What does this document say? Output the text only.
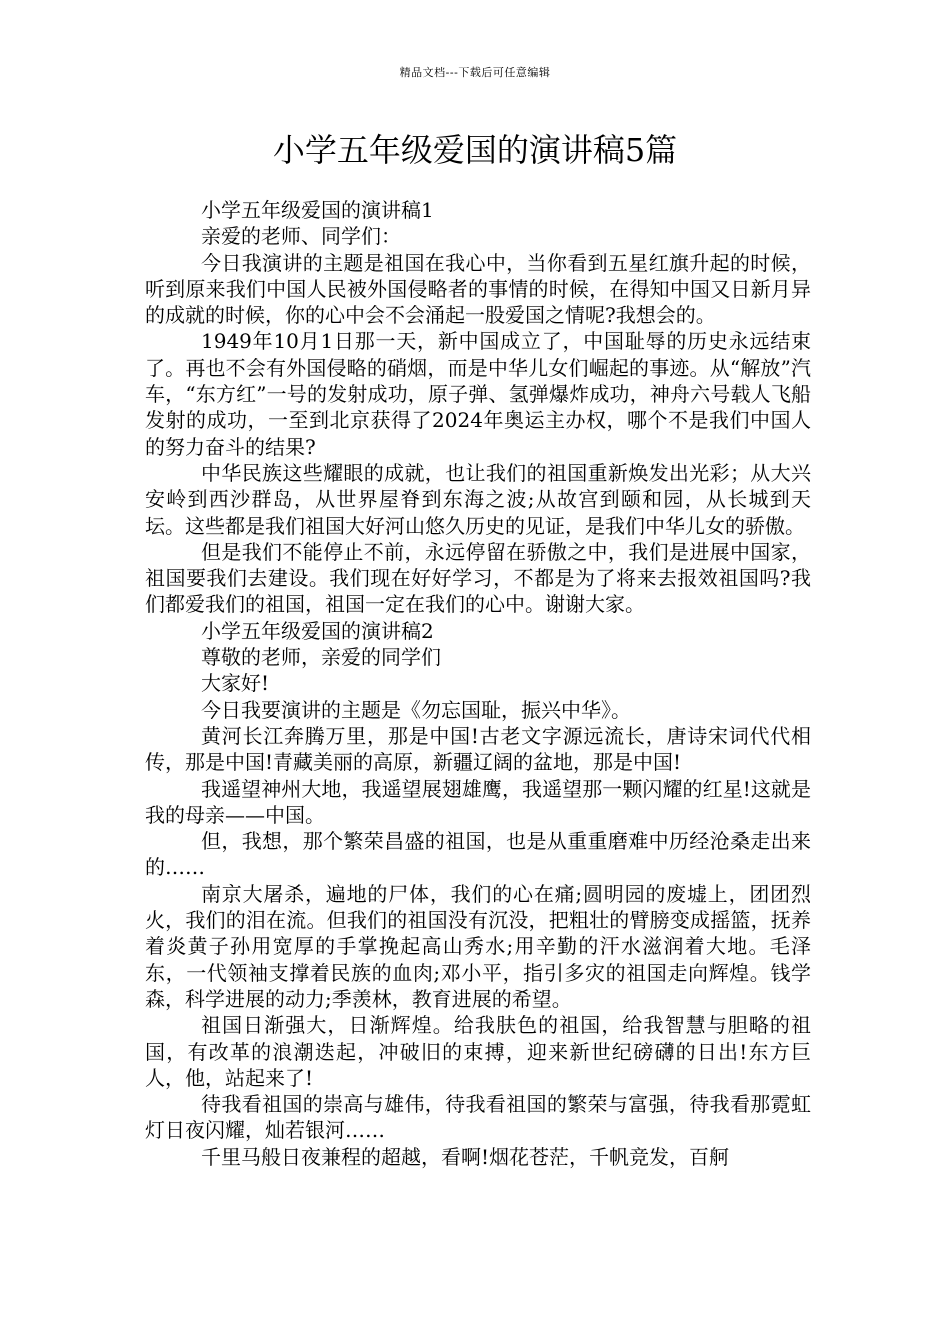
精品文档---下载后可任意编辑
小学五年级爱国的演讲稿5篇

小学五年级爱国的演讲稿1

亲爱的老师、同学们：

今日我演讲的主题是祖国在我心中，当你看到五星红旗升起的时候，听到原来我们中国人民被外国侵略者的事情的时候，在得知中国又日新月异的成就的时候，你的心中会不会涌起一股爱国之情呢?我想会的。

1949年10月1日那一天，新中国成立了，中国耻辱的历史永远结束了。再也不会有外国侵略的硝烟，而是中华儿女们崛起的事迹。从“解放”汽车，“东方红”一号的发射成功，原子弹、氢弹爆炸成功，神舟六号载人飞船发射的成功，一至到北京获得了2024年奥运主办权，哪个不是我们中国人的努力奋斗的结果?

中华民族这些耀眼的成就，也让我们的祖国重新焕发出光彩；从大兴安岭到西沙群岛，从世界屋脊到东海之波;从故宫到颐和园，从长城到天坛。这些都是我们祖国大好河山悠久历史的见证，是我们中华儿女的骄傲。

但是我们不能停止不前，永远停留在骄傲之中，我们是进展中国家，祖国要我们去建设。我们现在好好学习，不都是为了将来去报效祖国吗?我们都爱我们的祖国，祖国一定在我们的心中。谢谢大家。

小学五年级爱国的演讲稿2

尊敬的老师，亲爱的同学们

大家好!

今日我要演讲的主题是《勿忘国耻，振兴中华》。

黄河长江奔腾万里，那是中国!古老文字源远流长，唐诗宋词代代相传，那是中国!青藏美丽的高原，新疆辽阔的盆地，那是中国!

我遥望神州大地，我遥望展翅雄鹰，我遥望那一颗闪耀的红星!这就是我的母亲——中国。

但，我想，那个繁荣昌盛的祖国，也是从重重磨难中历经沧桑走出来的……

南京大屠杀，遍地的尸体，我们的心在痛;圆明园的废墟上，团团烈火，我们的泪在流。但我们的祖国没有沉没，把粗壮的臂膀变成摇篮，抚养着炎黄子孙用宽厚的手掌挽起高山秀水;用辛勤的汗水滋润着大地。毛泽东，一代领袖支撑着民族的血肉;邓小平，指引多灾的祖国走向辉煌。钱学森，科学进展的动力;季羡林，教育进展的希望。

祖国日渐强大，日渐辉煌。给我肤色的祖国，给我智慧与胆略的祖国，有改革的浪潮迭起，冲破旧的束搏，迎来新世纪磅礴的日出!东方巨人，他，站起来了!

待我看祖国的崇高与雄伟，待我看祖国的繁荣与富强，待我看那霓虹灯日夜闪耀，灿若银河……

千里马般日夜兼程的超越，看啊!烟花苍茫，千帆竞发，百舸
